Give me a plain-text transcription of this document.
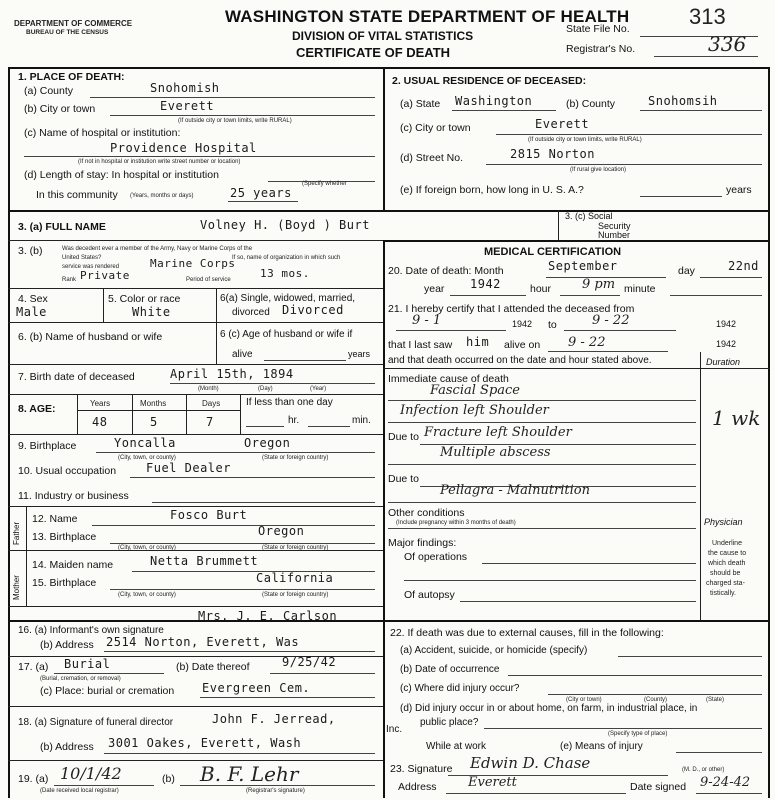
DEPARTMENT OF COMMERCE
BUREAU OF THE CENSUS
WASHINGTON STATE DEPARTMENT OF HEALTH
DIVISION OF VITAL STATISTICS
CERTIFICATE OF DEATH
State File No.	313
Registrar's No.	336
1. PLACE OF DEATH:
(a) County	Snohomish
(b) City or town	Everett
(If outside city or town limits, write RURAL)
(c) Name of hospital or institution:
Providence Hospital
(If not in hospital or institution write street number or location)
(d) Length of stay: In hospital or institution
In this community (Years, months or days)	25 years
(Specify whether
2. USUAL RESIDENCE OF DECEASED:
(a) State Washington	(b) County	Snohomsih
(c) City or town	Everett
(If outside city or town limits, write RURAL)
(d) Street No.	2815 Norton
(If rural give location)
(e) If foreign born, how long in U. S. A.?	years
3. (a) FULL NAME	Volney H. (Boyd ) Burt
3. (c) Social
Security
Number
3. (b)	Was decedent ever a member of the Army, Navy or Marine Corps of the
United States?	If so, name of organization in which such
service was rendered	Marine Corps
Rank Private	Period of service	13 mos.
4. Sex
Male
5. Color or race
White
6(a) Single, widowed, married,
divorced Divorced
6. (b) Name of husband or wife	6 (c) Age of husband or wife if
alive	years
7. Birth date of deceased	April 15th, 1894
(Month)	(Day)	(Year)
8. AGE:	Years	Months	Days
48	5	7
If less than one day
hr.	min.
9. Birthplace	Yoncalla	Oregon
(City, town, or county)	(State or foreign country)
10. Usual occupation Fuel Dealer
11. Industry or business
Father
Mother
12. Name	Fosco Burt
13. Birthplace	Oregon
(City, town, or county)	(State or foreign country)
14. Maiden name	Netta Brummett
15. Birthplace	California
(City, town, or county)	(State or foreign country)
16. (a) Informant's own signature
Mrs. J. E. Carlson
(b) Address 2514 Norton, Everett, Was
17. (a) Burial
(Burial, cremation, or removal)
(b) Date thereof	9/25/42
(c) Place: burial or cremation Evergreen Cem.
18. (a) Signature of funeral director	John F. Jerread,
Inc.
(b) Address 3001 Oakes, Everett, Wash
19. (a) 10/1/42	(b) B. F. Lehr
(Date received local registrar)	(Registrar's signature)
MEDICAL CERTIFICATION
20. Date of death: Month	September	day	22nd
year 1942	hour 9 pm minute
21. I hereby certify that I attended the deceased from
9 - 1	1942 to	9 - 22	1942
that I last saw him alive on 9 - 22	1942
and that death occurred on the date and hour stated above.	Duration
1 wk
Immediate cause of death
Fascial Space
Infection left Shoulder
Due to Fracture left Shoulder
Multiple abscess
Due to
Pellagra - Malnutrition
Other conditions
(Include pregnancy within 3 months of death)	Physician
Major findings:
Of operations
Of autopsy
Underline
the cause to
which death
should be
charged sta-
tistically.
22. If death was due to external causes, fill in the following:
(a) Accident, suicide, or homicide (specify)
(b) Date of occurrence
(c) Where did injury occur?
(City or town)	(County)	(State)
(d) Did injury occur in or about home, on farm, in industrial place, in
public place?
(Specify type of place)
While at work	(e) Means of injury
23. Signature Edwin D. Chase	(M. D., or other)
Address Everett	Date signed 9-24-42
